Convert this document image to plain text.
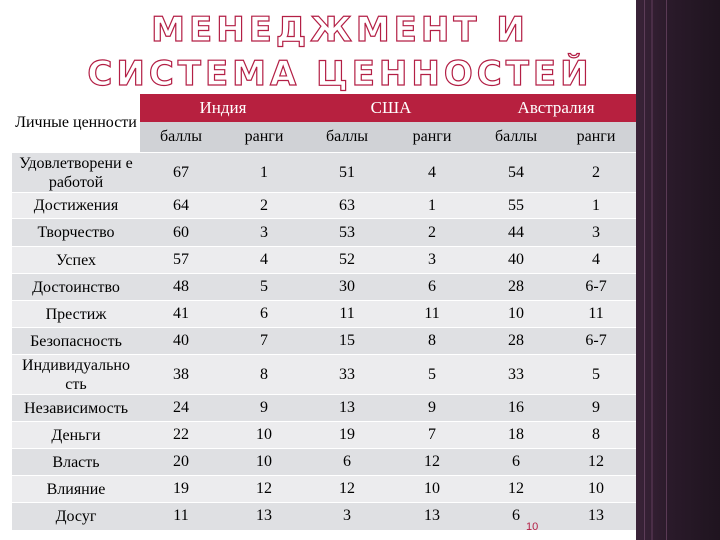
МЕНЕДЖМЕНТ И СИСТЕМА ЦЕННОСТЕЙ
Личные ценности	Индия		США		Австралия	
	баллы	ранги	баллы	ранги	баллы	ранги
Удовлетворени е работой	67	1	51	4	54	2
Достижения	64	2	63	1	55	1
Творчество	60	3	53	2	44	3
Успех	57	4	52	3	40	4
Достоинство	48	5	30	6	28	6-7
Престиж	41	6	11	11	10	11
Безопасность	40	7	15	8	28	6-7
Индивидуально сть	38	8	33	5	33	5
Независимость	24	9	13	9	16	9
Деньги	22	10	19	7	18	8
Власть	20	10	6	12	6	12
Влияние	19	12	12	10	12	10
Досуг	11	13	3	13	6	13
10
